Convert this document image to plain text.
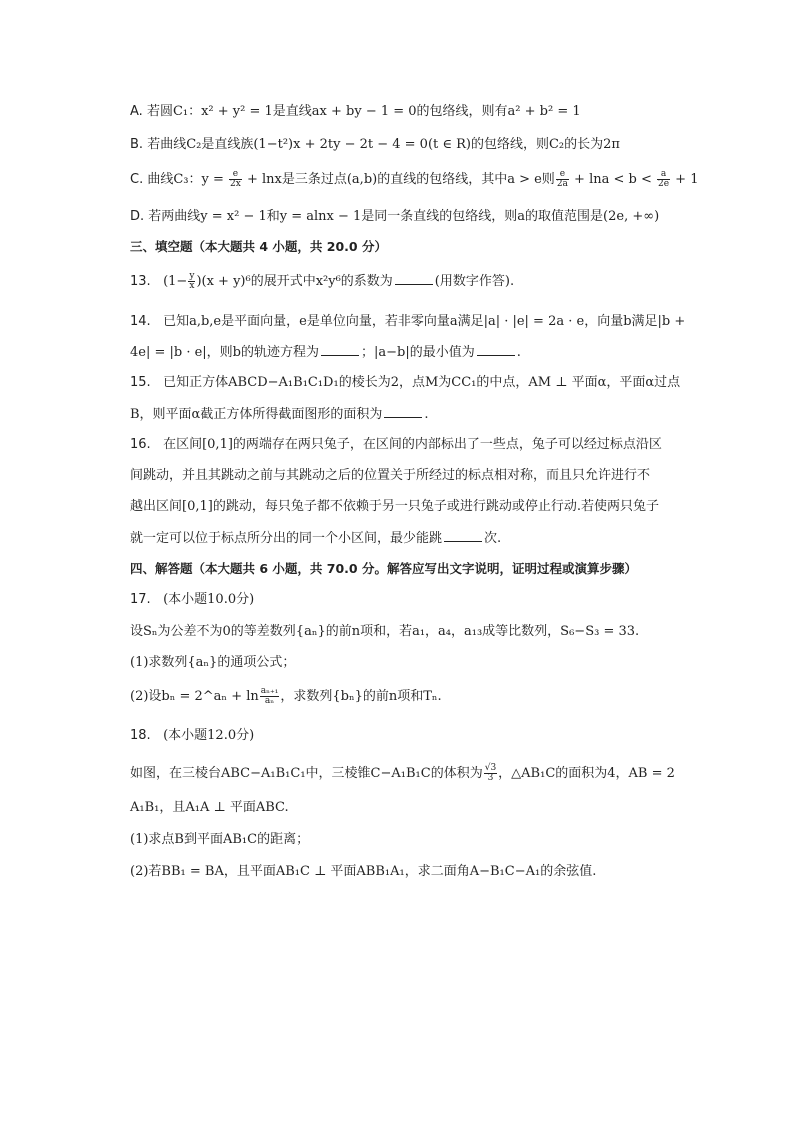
A. 若圆C₁：x² + y² = 1是直线ax + by − 1 = 0的包络线，则有a² + b² = 1
B. 若曲线C₂是直线族(1−t²)x + 2ty − 2t − 4 = 0(t ∈ R)的包络线，则C₂的长为2π
C. 曲线C₃：$y = \frac{e}{2x} + \ln x$是三条过点(a,b)的直线的包络线，其中a > e则 $\frac{e}{2a} + \ln a < b < \frac{a}{2e} + 1$
D. 若两曲线y = x² − 1和y = alnx − 1是同一条直线的包络线，则a的取值范围是(2e, +∞)
三、填空题（本大题共 4 小题，共 20.0 分）
13. $(1- \frac{y}{x} )(x + y)^6$的展开式中x²y⁶的系数为	(用数字作答).
14. 已知a,b,e是平面向量，e是单位向量，若非零向量a满足|a| · |e| = 2a · e，向量b满足|b +
4e| = |b · e|，则b的轨迹方程为	；|a−b|的最小值为	.
15. 已知正方体ABCD−A₁B₁C₁D₁的棱长为2，点M为CC₁的中点，AM ⊥ 平面α，平面α过点
B，则平面α截正方体所得截面图形的面积为	.
16. 在区间[0,1]的两端存在两只兔子，在区间的内部标出了一些点，兔子可以经过标点沿区
间跳动，并且其跳动之前与其跳动之后的位置关于所经过的标点相对称，而且只允许进行不
越出区间[0,1]的跳动，每只兔子都不依赖于另一只兔子或进行跳动或停止行动.若使两只兔子
就一定可以位于标点所分出的同一个小区间，最少能跳	次.
四、解答题（本大题共 6 小题，共 70.0 分。解答应写出文字说明，证明过程或演算步骤）
17. (本小题10.0分)
设Sₙ为公差不为0的等差数列{aₙ}的前n项和，若a₁，a₄，a₁₃成等比数列，S₆−S₃ = 33.
(1)求数列{aₙ}的通项公式；
(2)设bₙ = 2^aₙ + $\ln \frac{\text{aₙ₊₁}}{\text{aₙ}}$ ，求数列{bₙ}的前n项和Tₙ.
18. (本小题12.0分)
如图，在三棱台ABC−A₁B₁C₁中，三棱锥C−A₁B₁C的体积为 $\frac{√3}{3}$ ，△AB₁C的面积为4，AB = 2
A₁B₁，且A₁A ⊥ 平面ABC.
(1)求点B到平面AB₁C的距离；
(2)若BB₁ = BA，且平面AB₁C ⊥ 平面ABB₁A₁，求二面角A−B₁C−A₁的余弦值.
